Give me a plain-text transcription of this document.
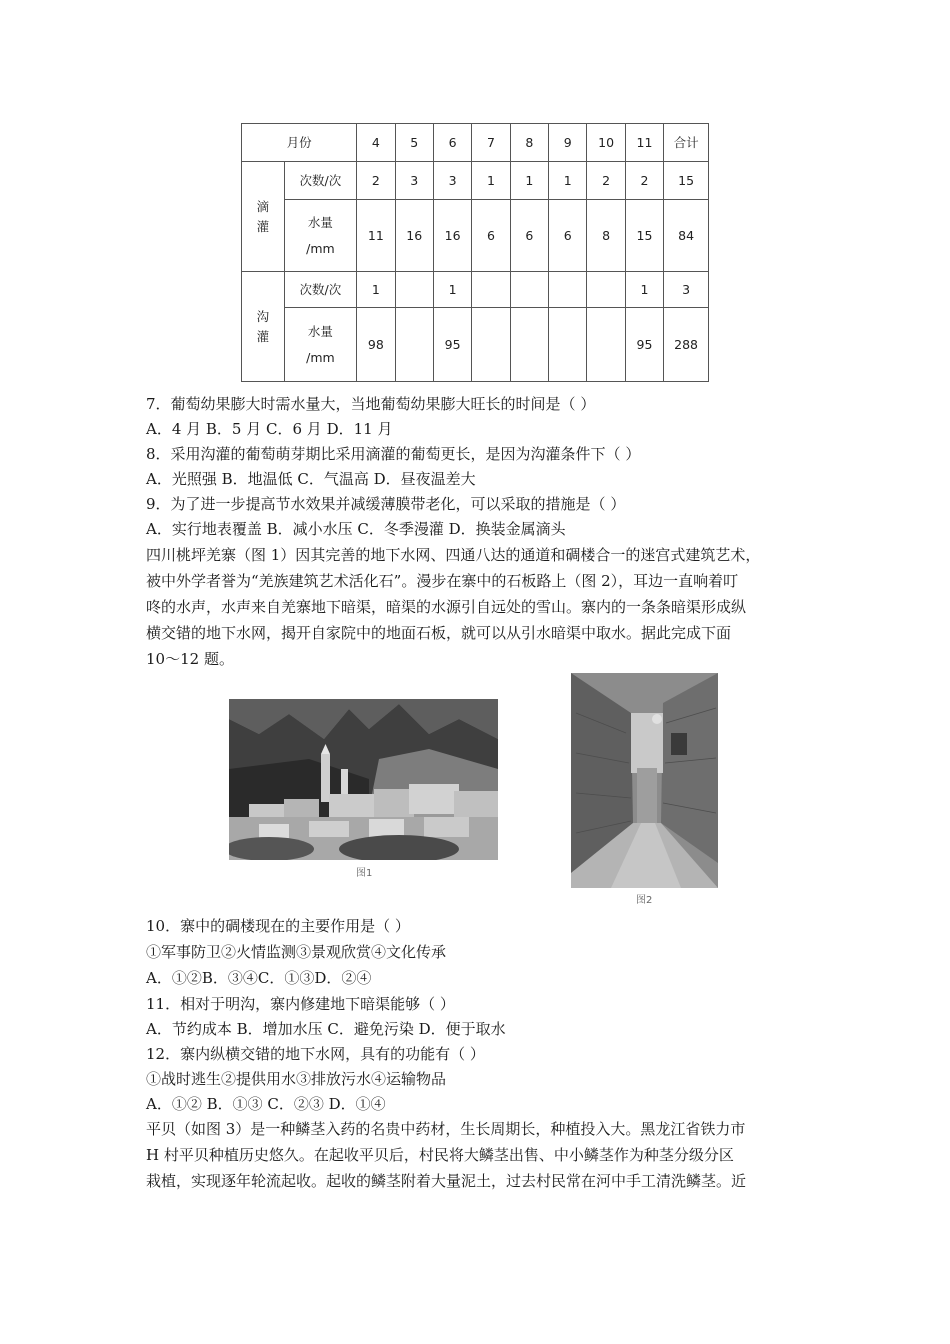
月份		4	5	6	7	8	9	10	11	合计

滴
灌	次数/次	2	3	3	1	1	1	2	2	15

	水量
/mm	11	16	16	6	6	6	8	15	84

沟
灌	次数/次	1		1					1	3

	水量
/mm	98		95					95	288
7．葡萄幼果膨大时需水量大，当地葡萄幼果膨大旺长的时间是（ ）
A．4 月 B．5 月 C．6 月 D．11 月
8．采用沟灌的葡萄萌芽期比采用滴灌的葡萄更长，是因为沟灌条件下（ ）
A．光照强 B．地温低 C．气温高 D．昼夜温差大
9．为了进一步提高节水效果并减缓薄膜带老化，可以采取的措施是（ ）
A．实行地表覆盖 B．减小水压 C．冬季漫灌 D．换装金属滴头
四川桃坪羌寨（图 1）因其完善的地下水网、四通八达的通道和碉楼合一的迷宫式建筑艺术，
被中外学者誉为“羌族建筑艺术活化石”。漫步在寨中的石板路上（图 2），耳边一直响着叮
咚的水声，水声来自羌寨地下暗渠，暗渠的水源引自远处的雪山。寨内的一条条暗渠形成纵
横交错的地下水网，揭开自家院中的地面石板，就可以从引水暗渠中取水。据此完成下面
10～12 题。
图1
图2
10．寨中的碉楼现在的主要作用是（ ）
①军事防卫②火情监测③景观欣赏④文化传承
A．①②B．③④C．①③D．②④
11．相对于明沟，寨内修建地下暗渠能够（ ）
A．节约成本 B．增加水压 C．避免污染 D．便于取水
12．寨内纵横交错的地下水网，具有的功能有（ ）
①战时逃生②提供用水③排放污水④运输物品
A．①② B．①③ C．②③ D．①④
平贝（如图 3）是一种鳞茎入药的名贵中药材，生长周期长，种植投入大。黑龙江省铁力市
H 村平贝种植历史悠久。在起收平贝后，村民将大鳞茎出售、中小鳞茎作为种茎分级分区
栽植，实现逐年轮流起收。起收的鳞茎附着大量泥土，过去村民常在河中手工清洗鳞茎。近
